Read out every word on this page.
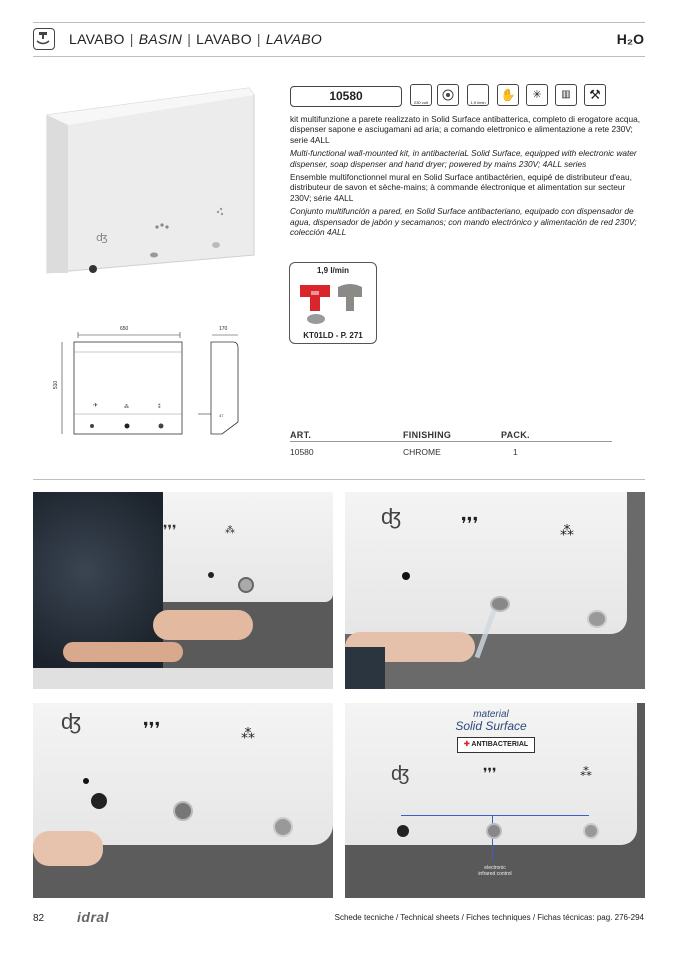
LAVABO | BASIN | LAVABO | LAVABO	H₂O
ʤ
✈	⁂	⁑
47
650	170
510
10580	230 volt	1,9 l/min
✋ ✳ ▥ ⚒

kit multifunzione a parete realizzato in Solid Surface antibatterica, completo di erogatore acqua, dispenser sapone e asciugamani ad aria; a comando elettronico e alimentazione a rete 230V; serie 4ALL

Multi-functional wall-mounted kit, in antibacteriaL Solid Surface, equipped with electronic water dispenser, soap dispenser and hand dryer; powered by mains 230V; 4ALL series

Ensemble multifonctionnel mural en Solid Surface antibactérien, equipé de distributeur d'eau, distributeur de savon et sèche-mains; à commande électronique et alimentation sur secteur 230V; série 4ALL

Conjunto multifunción a pared, en Solid Surface antibacteriano, equipado con dispensador de agua, dispensador de jabón y secamanos; con mando electrónico y alimentación de red 230V; colección 4ALL

1,9 l/min
KT01LD - P. 271
ART.	FINISHING	PACK.
10580	CHROME	1
❜❜❜	⁂
ʤ	❜❜❜	⁂
ʤ	❜❜❜	⁂
material
Solid Surface
✚ ANTIBACTERIAL
ʤ	❜❜❜	⁂
electronic
infrared control
82 idral	Schede tecniche / Technical sheets / Fiches techniques / Fichas técnicas: pag. 276-294
